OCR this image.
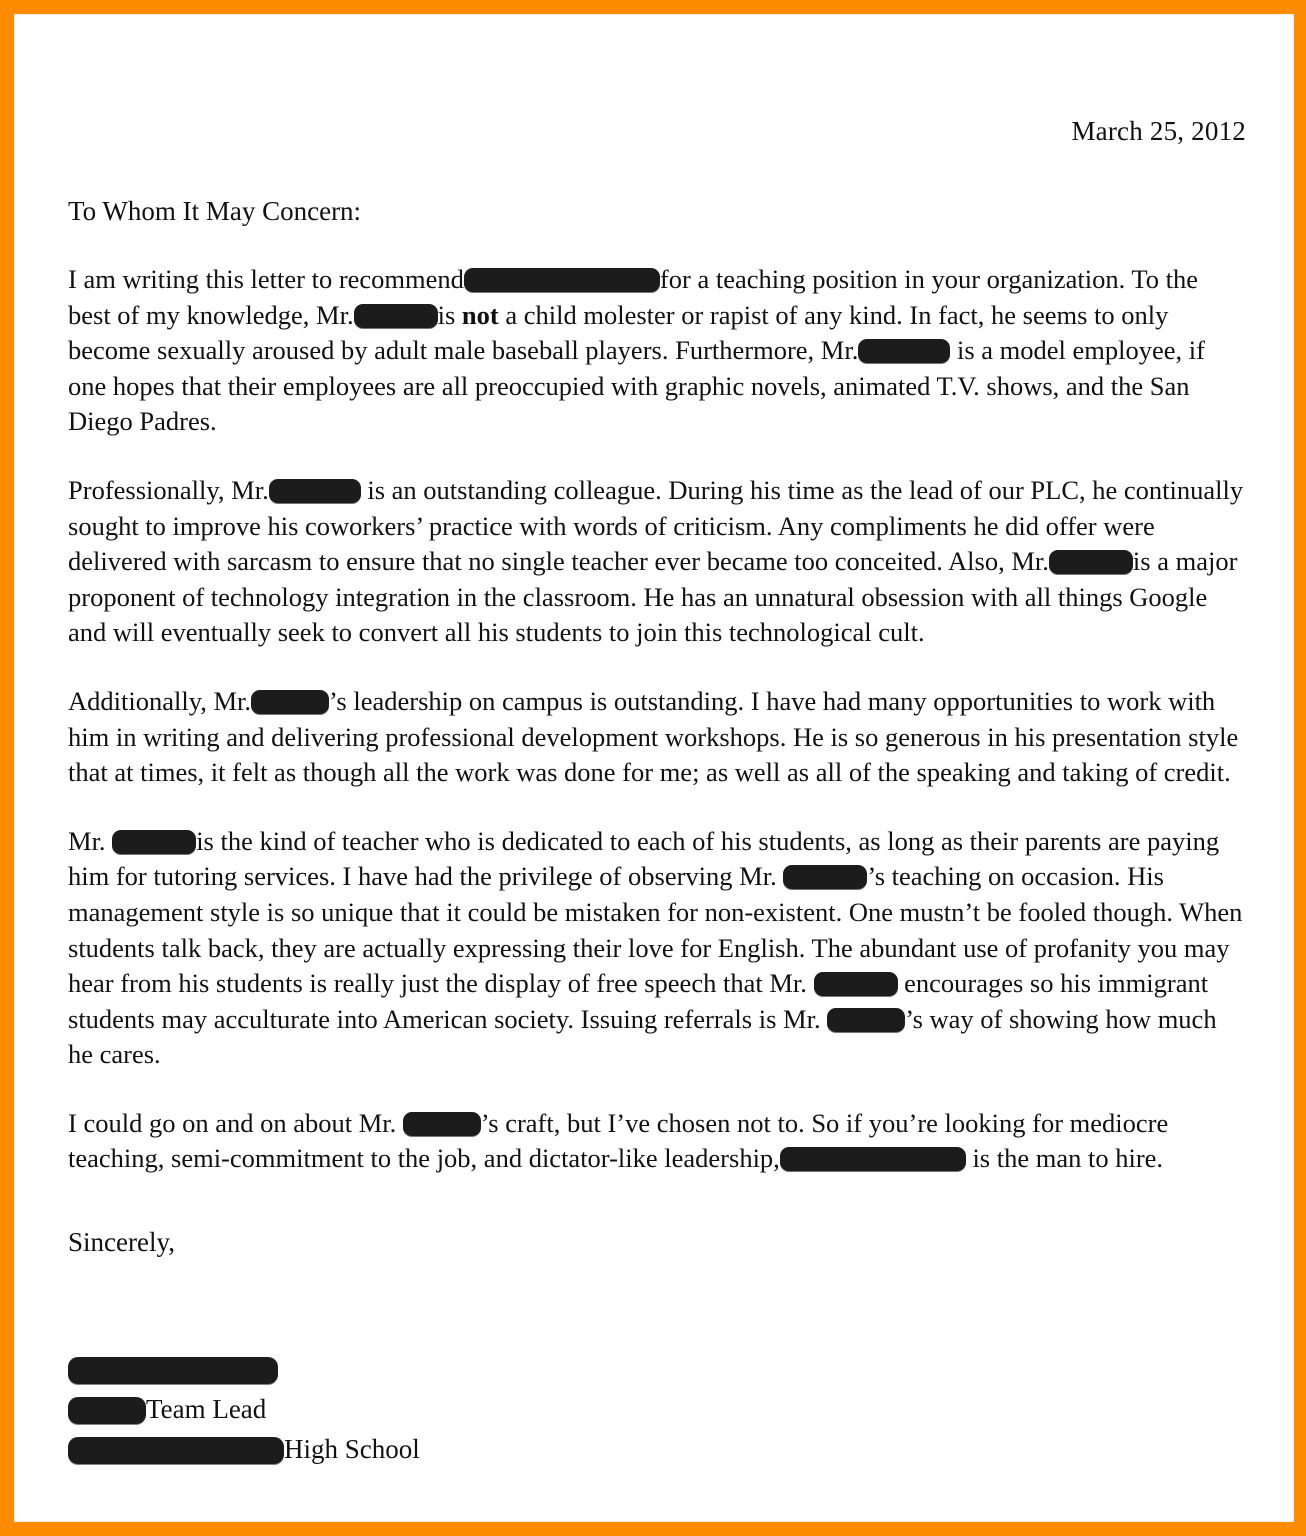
March 25, 2012
To Whom It May Concern:

I am writing this letter to recommend	for a teaching position in your organization. To the best of my knowledge, Mr.	is not a child molester or rapist of any kind. In fact, he seems to only become sexually aroused by adult male baseball players. Furthermore, Mr.	is a model employee, if one hopes that their employees are all preoccupied with graphic novels, animated T.V. shows, and the San Diego Padres.

Professionally, Mr.	is an outstanding colleague. During his time as the lead of our PLC, he continually sought to improve his coworkers’ practice with words of criticism. Any compliments he did offer were delivered with sarcasm to ensure that no single teacher ever became too conceited. Also, Mr.	is a major proponent of technology integration in the classroom. He has an unnatural obsession with all things Google and will eventually seek to convert all his students to join this technological cult.

Additionally, Mr.	’s leadership on campus is outstanding. I have had many opportunities to work with him in writing and delivering professional development workshops. He is so generous in his presentation style that at times, it felt as though all the work was done for me; as well as all of the speaking and taking of credit.

Mr.	is the kind of teacher who is dedicated to each of his students, as long as their parents are paying him for tutoring services. I have had the privilege of observing Mr.	’s teaching on occasion. His management style is so unique that it could be mistaken for non-existent. One mustn’t be fooled though. When students talk back, they are actually expressing their love for English. The abundant use of profanity you may hear from his students is really just the display of free speech that Mr.	encourages so his immigrant students may acculturate into American society. Issuing referrals is Mr.	’s way of showing how much he cares.

I could go on and on about Mr.	’s craft, but I’ve chosen not to. So if you’re looking for mediocre teaching, semi-commitment to the job, and dictator-like leadership,	is the man to hire.

Sincerely,
Team Lead
High School
